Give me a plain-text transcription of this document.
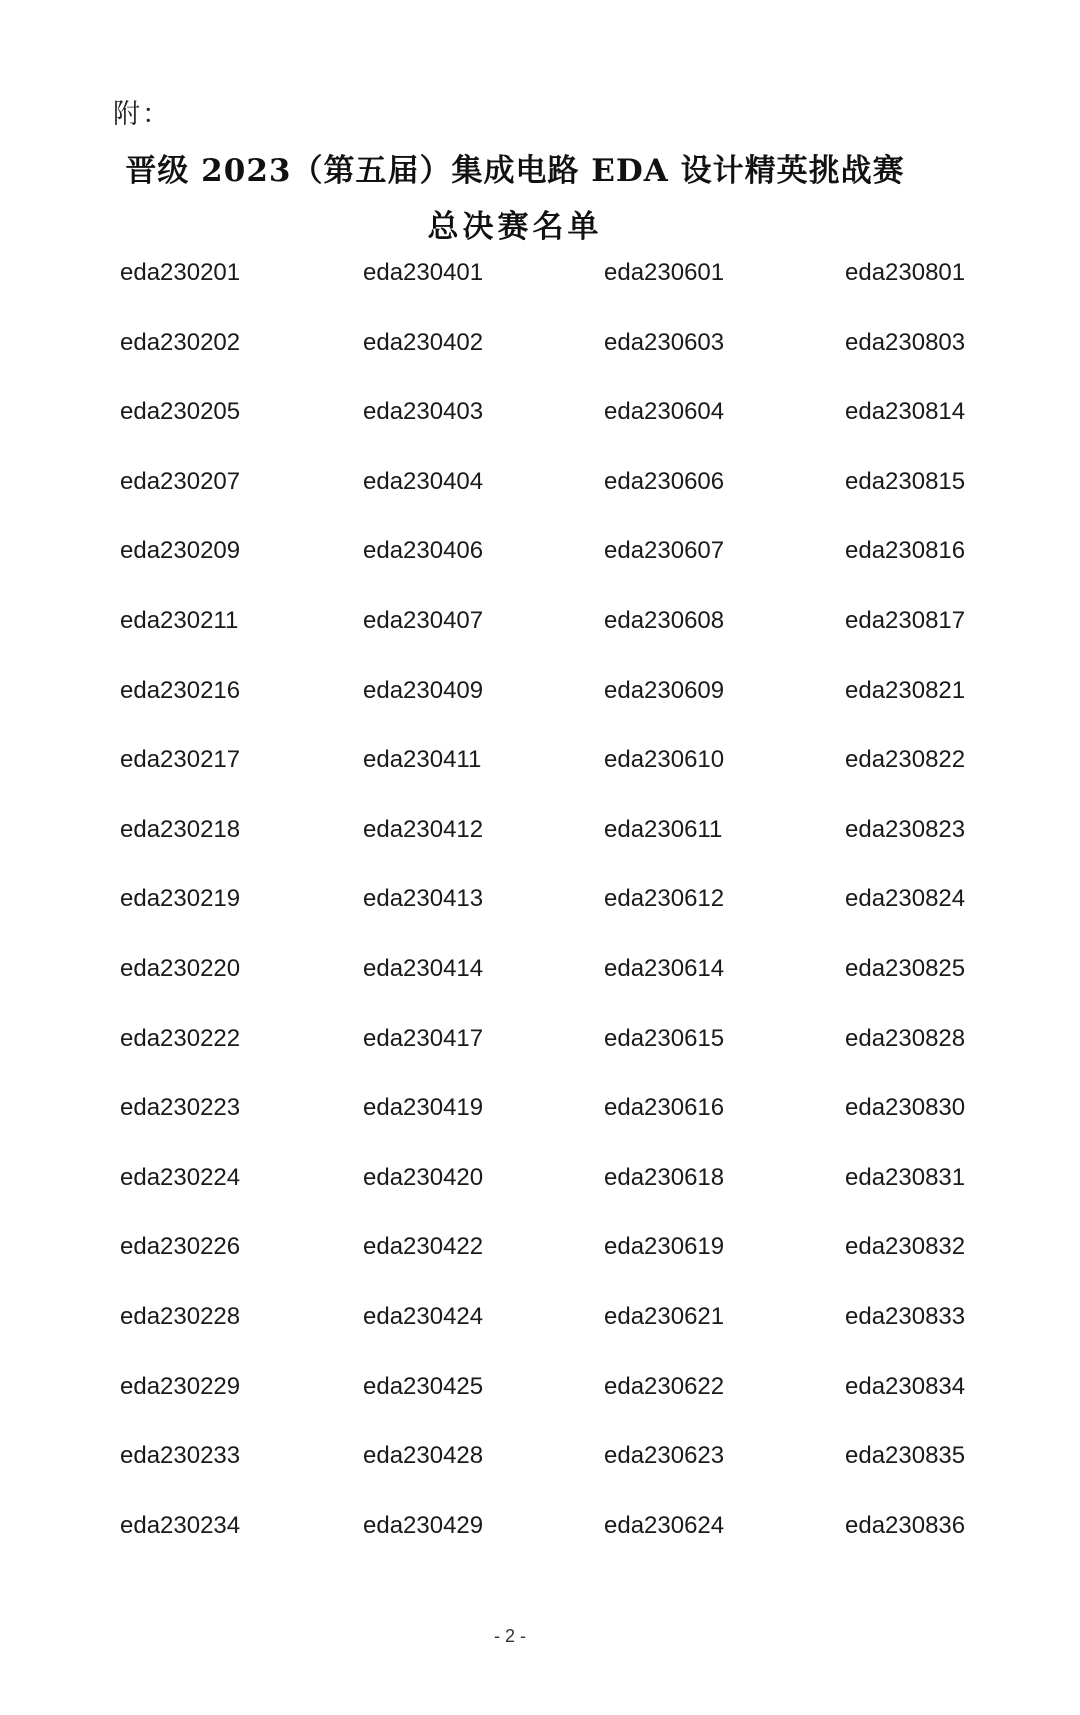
附：
晋级 2023（第五届）集成电路 EDA 设计精英挑战赛
总决赛名单
eda230201	eda230401	eda230601	eda230801
eda230202	eda230402	eda230603	eda230803
eda230205	eda230403	eda230604	eda230814
eda230207	eda230404	eda230606	eda230815
eda230209	eda230406	eda230607	eda230816
eda230211	eda230407	eda230608	eda230817
eda230216	eda230409	eda230609	eda230821
eda230217	eda230411	eda230610	eda230822
eda230218	eda230412	eda230611	eda230823
eda230219	eda230413	eda230612	eda230824
eda230220	eda230414	eda230614	eda230825
eda230222	eda230417	eda230615	eda230828
eda230223	eda230419	eda230616	eda230830
eda230224	eda230420	eda230618	eda230831
eda230226	eda230422	eda230619	eda230832
eda230228	eda230424	eda230621	eda230833
eda230229	eda230425	eda230622	eda230834
eda230233	eda230428	eda230623	eda230835
eda230234	eda230429	eda230624	eda230836
- 2 -
